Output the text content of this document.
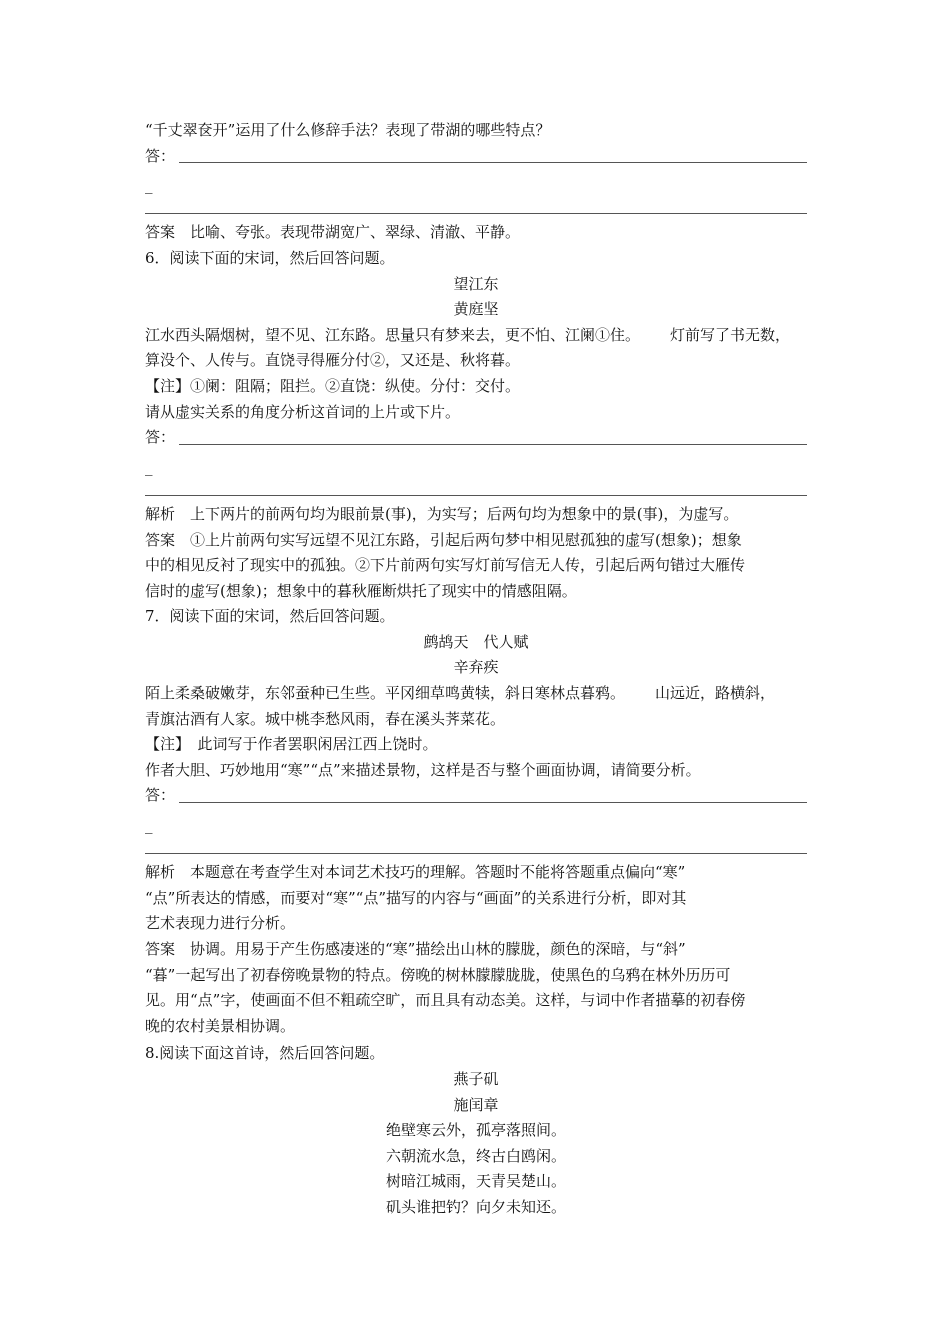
“千丈翠奁开”运用了什么修辞手法？表现了带湖的哪些特点？

答：
_

答案　比喻、夸张。表现带湖宽广、翠绿、清澈、平静。

6．阅读下面的宋词，然后回答问题。

望江东

黄庭坚

江水西头隔烟树，望不见、江东路。思量只有梦来去，更不怕、江阑①住。 灯前写了书无数，

算没个、人传与。直饶寻得雁分付②，又还是、秋将暮。

【注】①阑：阻隔；阻拦。②直饶：纵使。分付：交付。

请从虚实关系的角度分析这首词的上片或下片。

答：
_

解析　上下两片的前两句均为眼前景(事)，为实写；后两句均为想象中的景(事)，为虚写。

答案　①上片前两句实写远望不见江东路，引起后两句梦中相见慰孤独的虚写(想象)；想象

中的相见反衬了现实中的孤独。②下片前两句实写灯前写信无人传，引起后两句错过大雁传

信时的虚写(想象)；想象中的暮秋雁断烘托了现实中的情感阻隔。

7．阅读下面的宋词，然后回答问题。

鹧鸪天　代人赋

辛弃疾

陌上柔桑破嫩芽，东邻蚕种已生些。平冈细草鸣黄犊，斜日寒林点暮鸦。 山远近，路横斜，

青旗沽酒有人家。城中桃李愁风雨，春在溪头荠菜花。

【注】　此词写于作者罢职闲居江西上饶时。

作者大胆、巧妙地用“寒”“点”来描述景物，这样是否与整个画面协调，请简要分析。

答：
_

解析　本题意在考查学生对本词艺术技巧的理解。答题时不能将答题重点偏向“寒”

“点”所表达的情感，而要对“寒”“点”描写的内容与“画面”的关系进行分析，即对其

艺术表现力进行分析。

答案　协调。用易于产生伤感凄迷的“寒”描绘出山林的朦胧，颜色的深暗，与“斜”

“暮”一起写出了初春傍晚景物的特点。傍晚的树林朦朦胧胧，使黑色的乌鸦在林外历历可

见。用“点”字，使画面不但不粗疏空旷，而且具有动态美。这样，与词中作者描摹的初春傍

晚的农村美景相协调。

8.阅读下面这首诗，然后回答问题。

燕子矶

施闰章

绝壁寒云外，孤亭落照间。

六朝流水急，终古白鸥闲。

树暗江城雨，天青吴楚山。

矶头谁把钓？向夕未知还。
